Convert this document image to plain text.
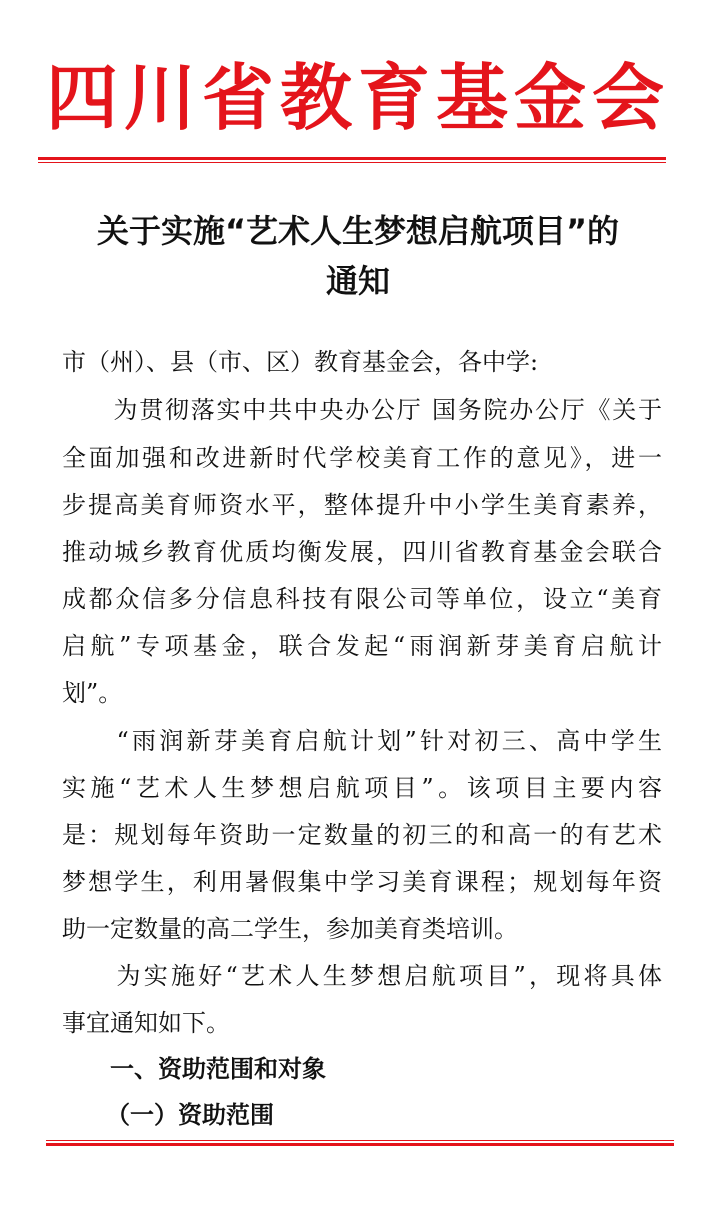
四川省教育基金会
关于实施“艺术人生梦想启航项目”的
通知
市（州）、县（市、区）教育基金会，各中学:
　　为贯彻落实中共中央办公厅 国务院办公厅《关于
全面加强和改进新时代学校美育工作的意见》，进一
步提高美育师资水平，整体提升中小学生美育素养，
推动城乡教育优质均衡发展，四川省教育基金会联合
成都众信多分信息科技有限公司等单位，设立“美育
启航”专项基金，联合发起“雨润新芽美育启航计
划”。
　　“雨润新芽美育启航计划”针对初三、高中学生
实施“艺术人生梦想启航项目”。该项目主要内容
是：规划每年资助一定数量的初三的和高一的有艺术
梦想学生，利用暑假集中学习美育课程；规划每年资
助一定数量的高二学生，参加美育类培训。
　　为实施好“艺术人生梦想启航项目”，现将具体
事宜通知如下。
一、资助范围和对象
（一）资助范围
